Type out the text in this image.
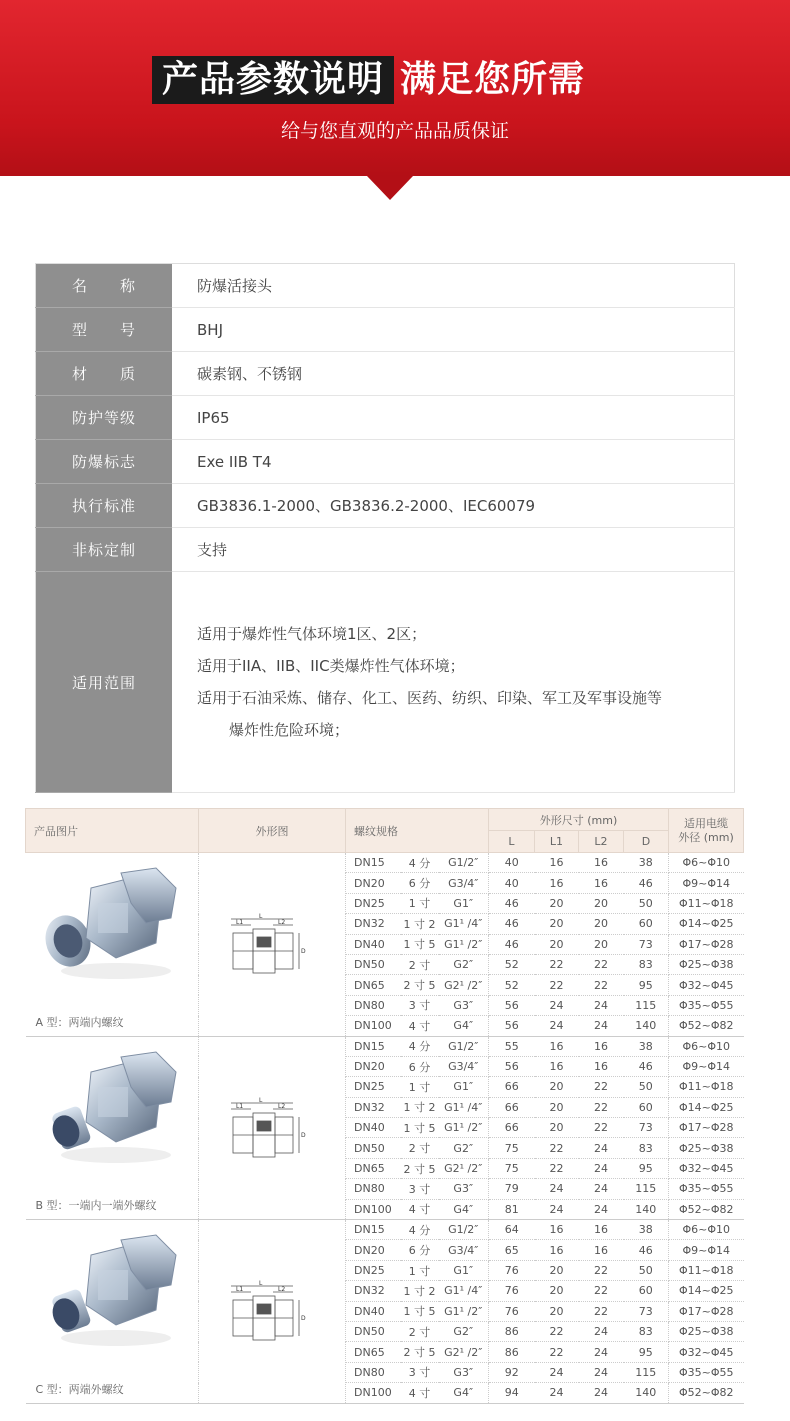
产品参数说明 满足您所需
给与您直观的产品品质保证
名　　称	防爆活接头
型　　号	BHJ
材　　质	碳素钢、不锈钢
防护等级	IP65
防爆标志	Exe IIB T4
执行标准	GB3836.1-2000、GB3836.2-2000、IEC60079
非标定制	支持
适用范围	适用于爆炸性气体环境1区、2区；
适用于IIA、IIB、IIC类爆炸性气体环境；
适用于石油采炼、储存、化工、医药、纺织、印染、军工及军事设施等
爆炸性危险环境；
产品图片	外形图	螺纹规格			外形尺寸 (mm)				适用电缆
外径 (mm)
					L	L1	L2	D	

A 型：两端内螺纹	L
L1 L2
D	DN15	4 分	G1/2″	40	16	16	38	Φ6~Φ10
		DN20	6 分	G3/4″	40	16	16	46	Φ9~Φ14
		DN25	1 寸	G1″	46	20	20	50	Φ11~Φ18
		DN32	1 寸 2	G1¹ /4″	46	20	20	60	Φ14~Φ25
		DN40	1 寸 5	G1¹ /2″	46	20	20	73	Φ17~Φ28
		DN50	2 寸	G2″	52	22	22	83	Φ25~Φ38
		DN65	2 寸 5	G2¹ /2″	52	22	22	95	Φ32~Φ45
		DN80	3 寸	G3″	56	24	24	115	Φ35~Φ55
		DN100	4 寸	G4″	56	24	24	140	Φ52~Φ82

B 型：一端内一端外螺纹	L
L1 L2
D	DN15	4 分	G1/2″	55	16	16	38	Φ6~Φ10
		DN20	6 分	G3/4″	56	16	16	46	Φ9~Φ14
		DN25	1 寸	G1″	66	20	22	50	Φ11~Φ18
		DN32	1 寸 2	G1¹ /4″	66	20	22	60	Φ14~Φ25
		DN40	1 寸 5	G1¹ /2″	66	20	22	73	Φ17~Φ28
		DN50	2 寸	G2″	75	22	24	83	Φ25~Φ38
		DN65	2 寸 5	G2¹ /2″	75	22	24	95	Φ32~Φ45
		DN80	3 寸	G3″	79	24	24	115	Φ35~Φ55
		DN100	4 寸	G4″	81	24	24	140	Φ52~Φ82

C 型：两端外螺纹	L
L1 L2
D	DN15	4 分	G1/2″	64	16	16	38	Φ6~Φ10
		DN20	6 分	G3/4″	65	16	16	46	Φ9~Φ14
		DN25	1 寸	G1″	76	20	22	50	Φ11~Φ18
		DN32	1 寸 2	G1¹ /4″	76	20	22	60	Φ14~Φ25
		DN40	1 寸 5	G1¹ /2″	76	20	22	73	Φ17~Φ28
		DN50	2 寸	G2″	86	22	24	83	Φ25~Φ38
		DN65	2 寸 5	G2¹ /2″	86	22	24	95	Φ32~Φ45
		DN80	3 寸	G3″	92	24	24	115	Φ35~Φ55
		DN100	4 寸	G4″	94	24	24	140	Φ52~Φ82
